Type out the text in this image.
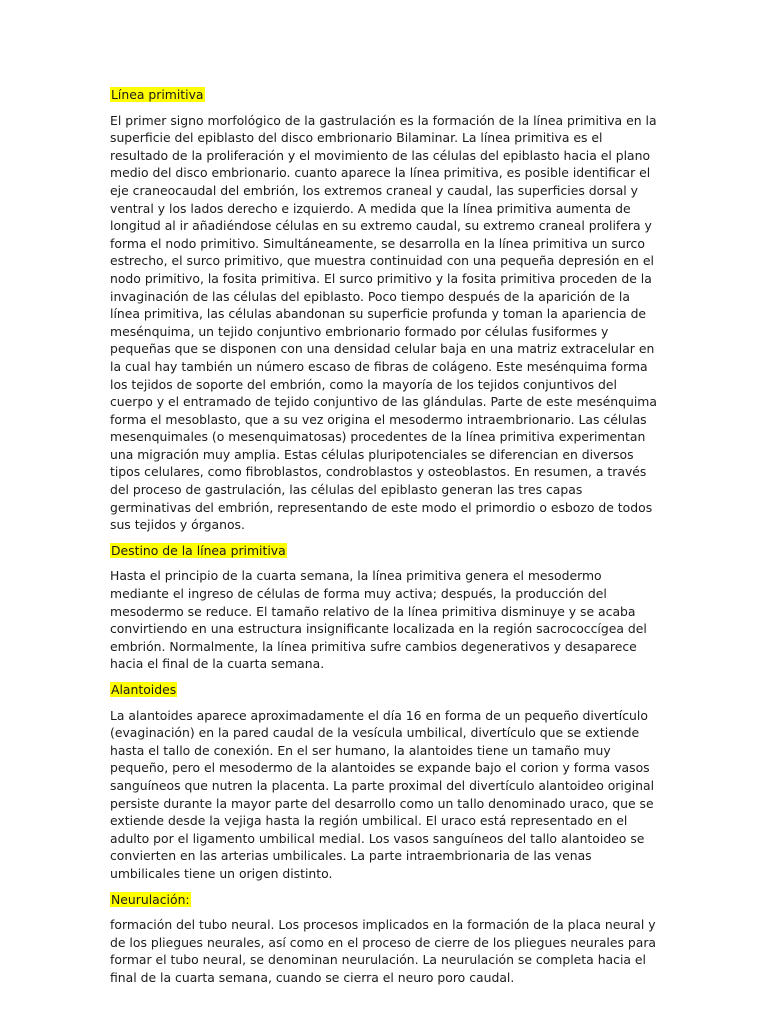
Línea primitiva

El primer signo morfológico de la gastrulación es la formación de la línea primitiva en la superficie del epiblasto del disco embrionario Bilaminar. La línea primitiva es el resultado de la proliferación y el movimiento de las células del epiblasto hacia el plano medio del disco embrionario. cuanto aparece la línea primitiva, es posible identificar el eje craneocaudal del embrión, los extremos craneal y caudal, las superficies dorsal y ventral y los lados derecho e izquierdo. A medida que la línea primitiva aumenta de longitud al ir añadiéndose células en su extremo caudal, su extremo craneal prolifera y forma el nodo primitivo. Simultáneamente, se desarrolla en la línea primitiva un surco estrecho, el surco primitivo, que muestra continuidad con una pequeña depresión en el nodo primitivo, la fosita primitiva. El surco primitivo y la fosita primitiva proceden de la invaginación de las células del epiblasto. Poco tiempo después de la aparición de la línea primitiva, las células abandonan su superficie profunda y toman la apariencia de mesénquima, un tejido conjuntivo embrionario formado por células fusiformes y pequeñas que se disponen con una densidad celular baja en una matriz extracelular en la cual hay también un número escaso de fibras de colágeno. Este mesénquima forma los tejidos de soporte del embrión, como la mayoría de los tejidos conjuntivos del cuerpo y el entramado de tejido conjuntivo de las glándulas. Parte de este mesénquima forma el mesoblasto, que a su vez origina el mesodermo intraembrionario. Las células mesenquimales (o mesenquimatosas) procedentes de la línea primitiva experimentan una migración muy amplia. Estas células pluripotenciales se diferencian en diversos tipos celulares, como fibroblastos, condroblastos y osteoblastos. En resumen, a través del proceso de gastrulación, las células del epiblasto generan las tres capas germinativas del embrión, representando de este modo el primordio o esbozo de todos sus tejidos y órganos.

Destino de la línea primitiva

Hasta el principio de la cuarta semana, la línea primitiva genera el mesodermo mediante el ingreso de células de forma muy activa; después, la producción del mesodermo se reduce. El tamaño relativo de la línea primitiva disminuye y se acaba convirtiendo en una estructura insignificante localizada en la región sacrococcígea del embrión. Normalmente, la línea primitiva sufre cambios degenerativos y desaparece hacia el final de la cuarta semana.

Alantoides

La alantoides aparece aproximadamente el día 16 en forma de un pequeño divertículo (evaginación) en la pared caudal de la vesícula umbilical, divertículo que se extiende hasta el tallo de conexión. En el ser humano, la alantoides tiene un tamaño muy pequeño, pero el mesodermo de la alantoides se expande bajo el corion y forma vasos sanguíneos que nutren la placenta. La parte proximal del divertículo alantoideo original persiste durante la mayor parte del desarrollo como un tallo denominado uraco, que se extiende desde la vejiga hasta la región umbilical. El uraco está representado en el adulto por el ligamento umbilical medial. Los vasos sanguíneos del tallo alantoideo se convierten en las arterias umbilicales. La parte intraembrionaria de las venas umbilicales tiene un origen distinto.

Neurulación:

formación del tubo neural. Los procesos implicados en la formación de la placa neural y de los pliegues neurales, así como en el proceso de cierre de los pliegues neurales para formar el tubo neural, se denominan neurulación. La neurulación se completa hacia el final de la cuarta semana, cuando se cierra el neuro poro caudal.
